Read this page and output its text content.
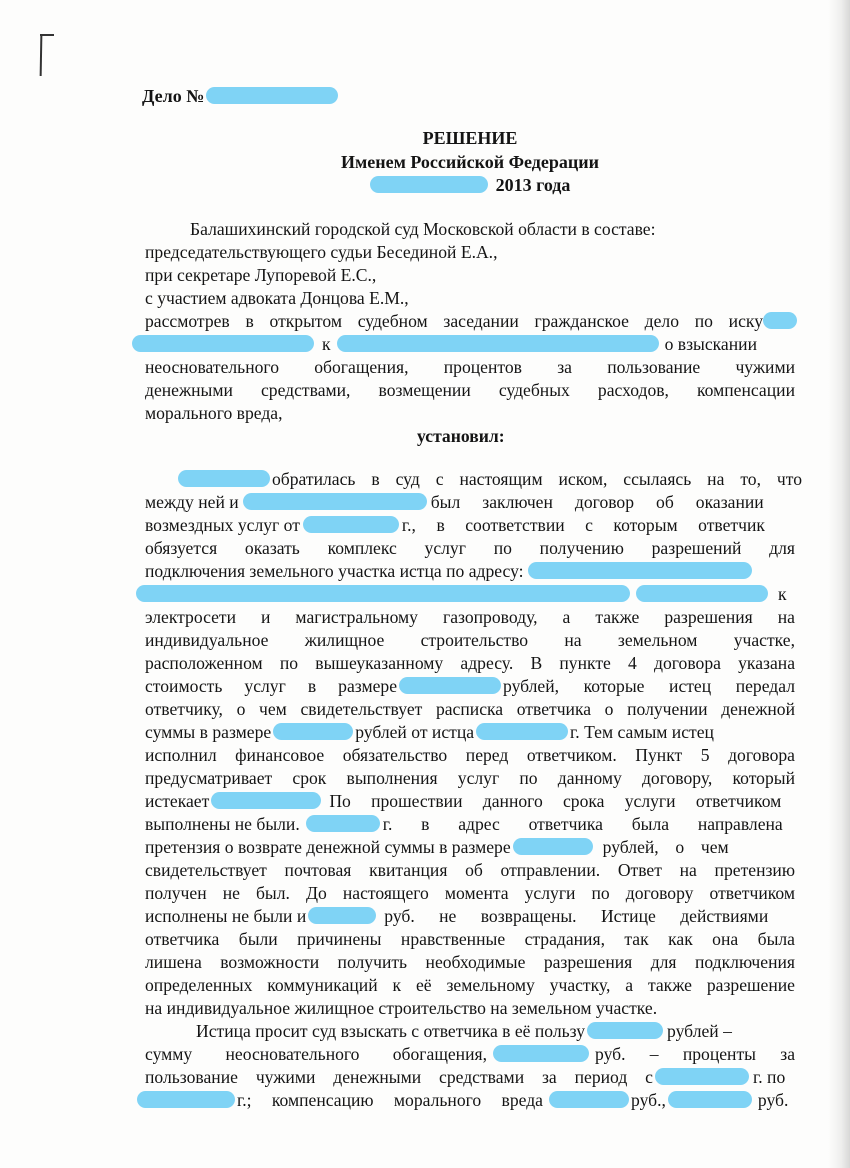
Дело №
РЕШЕНИЕ
Именем Российской Федерации
2013 года
Балашихинский городской суд Московской области в составе:
председательствующего судьи Бесединой Е.А.,
при секретаре Лупоревой Е.С.,
с участием адвоката Донцова Е.М.,
рассмотрев в открытом судебном заседании гражданское дело по иску
к	о взыскании
неосновательного обогащения, процентов за пользование чужими
денежными средствами, возмещении судебных расходов, компенсации
морального вреда,
установил:
обратилась в суд с настоящим иском, ссылаясь на то, что
между ней и	был заключен договор об оказании
возмездных услуг от	г., в соответствии с которым ответчик
обязуется оказать комплекс услуг по получению разрешений для
подключения земельного участка истца по адресу:
к
электросети и магистральному газопроводу, а также разрешения на
индивидуальное жилищное строительство на земельном участке,
расположенном по вышеуказанному адресу. В пункте 4 договора указана
стоимость услуг в размере	рублей, которые истец передал
ответчику, о чем свидетельствует расписка ответчика о получении денежной
суммы в размере	рублей от истца	г. Тем самым истец
исполнил финансовое обязательство перед ответчиком. Пункт 5 договора
предусматривает срок выполнения услуг по данному договору, который
истекает	По прошествии данного срока услуги ответчиком
выполнены не были.	г. в адрес ответчика была направлена
претензия о возврате денежной суммы в размере	рублей, о чем
свидетельствует почтовая квитанция об отправлении. Ответ на претензию
получен не был. До настоящего момента услуги по договору ответчиком
исполнены не были и	руб. не возвращены. Истице действиями
ответчика были причинены нравственные страдания, так как она была
лишена возможности получить необходимые разрешения для подключения
определенных коммуникаций к её земельному участку, а также разрешение
на индивидуальное жилищное строительство на земельном участке.
Истица просит суд взыскать с ответчика в её пользу	рублей –
сумму неосновательного обогащения,	руб. – проценты за
пользование чужими денежными средствами за период с	г. по
г.; компенсацию морального вреда	руб.,	руб.
